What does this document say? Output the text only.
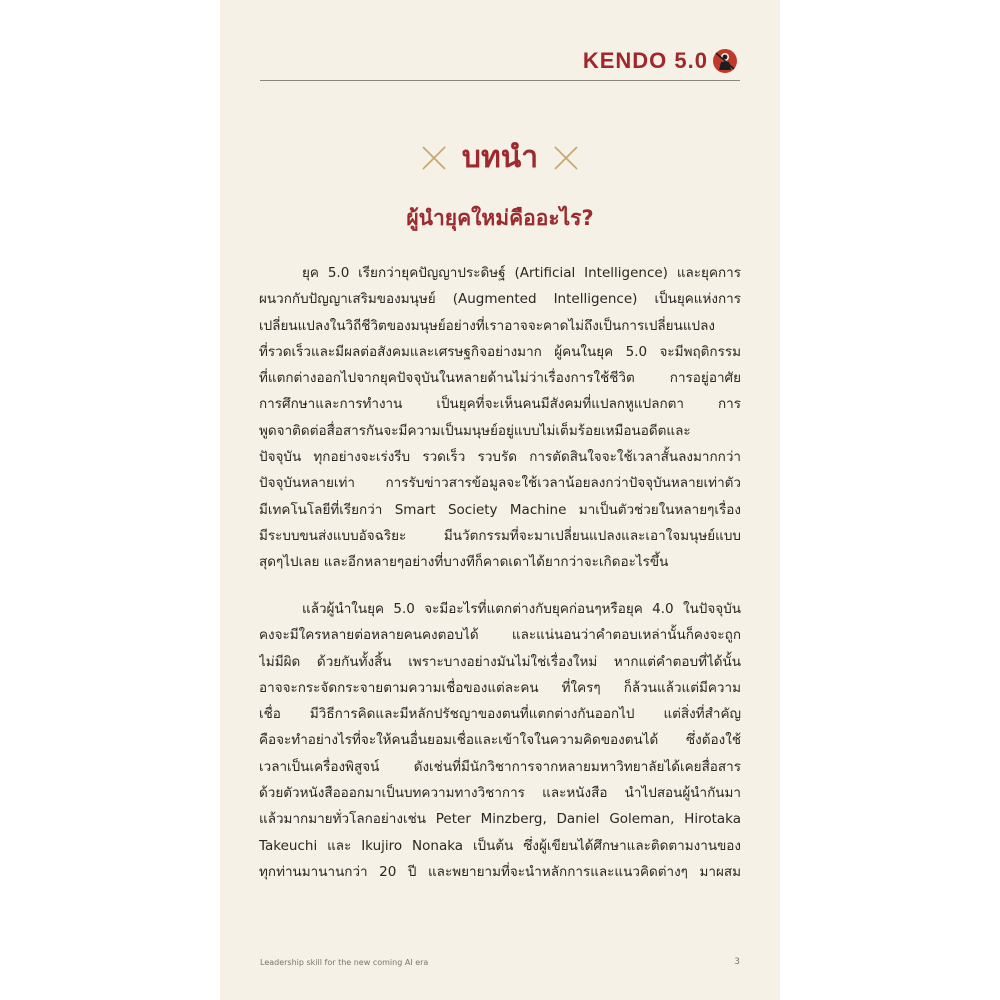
KENDO 5.0
บทนำ
ผู้นำยุคใหม่คืออะไร?
ยุค 5.0 เรียกว่ายุคปัญญาประดิษฐ์ (Artificial Intelligence) และยุคการ
ผนวกกับปัญญาเสริมของมนุษย์ (Augmented Intelligence) เป็นยุคแห่งการ
เปลี่ยนแปลงในวิถีชีวิตของมนุษย์อย่างที่เราอาจจะคาดไม่ถึงเป็นการเปลี่ยนแปลง
ที่รวดเร็วและมีผลต่อสังคมและเศรษฐกิจอย่างมาก ผู้คนในยุค 5.0 จะมีพฤติกรรม
ที่แตกต่างออกไปจากยุคปัจจุบันในหลายด้านไม่ว่าเรื่องการใช้ชีวิต การอยู่อาศัย
การศึกษาและการทำงาน เป็นยุคที่จะเห็นคนมีสังคมที่แปลกหูแปลกตา การ
พูดจาติดต่อสื่อสารกันจะมีความเป็นมนุษย์อยู่แบบไม่เต็มร้อยเหมือนอดีตและ
ปัจจุบัน ทุกอย่างจะเร่งรีบ รวดเร็ว รวบรัด การตัดสินใจจะใช้เวลาสั้นลงมากกว่า
ปัจจุบันหลายเท่า การรับข่าวสารข้อมูลจะใช้เวลาน้อยลงกว่าปัจจุบันหลายเท่าตัว
มีเทคโนโลยีที่เรียกว่า Smart Society Machine มาเป็นตัวช่วยในหลายๆเรื่อง
มีระบบขนส่งแบบอัจฉริยะ มีนวัตกรรมที่จะมาเปลี่ยนแปลงและเอาใจมนุษย์แบบ
สุดๆไปเลย และอีกหลายๆอย่างที่บางทีก็คาดเดาได้ยากว่าจะเกิดอะไรขึ้น
แล้วผู้นำในยุค 5.0 จะมีอะไรที่แตกต่างกับยุคก่อนๆหรือยุค 4.0 ในปัจจุบัน
คงจะมีใครหลายต่อหลายคนคงตอบได้ และแน่นอนว่าคำตอบเหล่านั้นก็คงจะถูก
ไม่มีผิด ด้วยกันทั้งสิ้น เพราะบางอย่างมันไม่ใช่เรื่องใหม่ หากแต่คำตอบที่ได้นั้น
อาจจะกระจัดกระจายตามความเชื่อของแต่ละคน ที่ใครๆ ก็ล้วนแล้วแต่มีความ
เชื่อ มีวิธีการคิดและมีหลักปรัชญาของตนที่แตกต่างกันออกไป แต่สิ่งที่สำคัญ
คือจะทำอย่างไรที่จะให้คนอื่นยอมเชื่อและเข้าใจในความคิดของตนได้ ซึ่งต้องใช้
เวลาเป็นเครื่องพิสูจน์ ดังเช่นที่มีนักวิชาการจากหลายมหาวิทยาลัยได้เคยสื่อสาร
ด้วยตัวหนังสือออกมาเป็นบทความทางวิชาการ และหนังสือ นำไปสอนผู้นำกันมา
แล้วมากมายทั่วโลกอย่างเช่น Peter Minzberg, Daniel Goleman, Hirotaka
Takeuchi และ Ikujiro Nonaka เป็นต้น ซึ่งผู้เขียนได้ศึกษาและติดตามงานของ
ทุกท่านมานานกว่า 20 ปี และพยายามที่จะนำหลักการและแนวคิดต่างๆ มาผสม
Leadership skill for the new coming AI era	3
